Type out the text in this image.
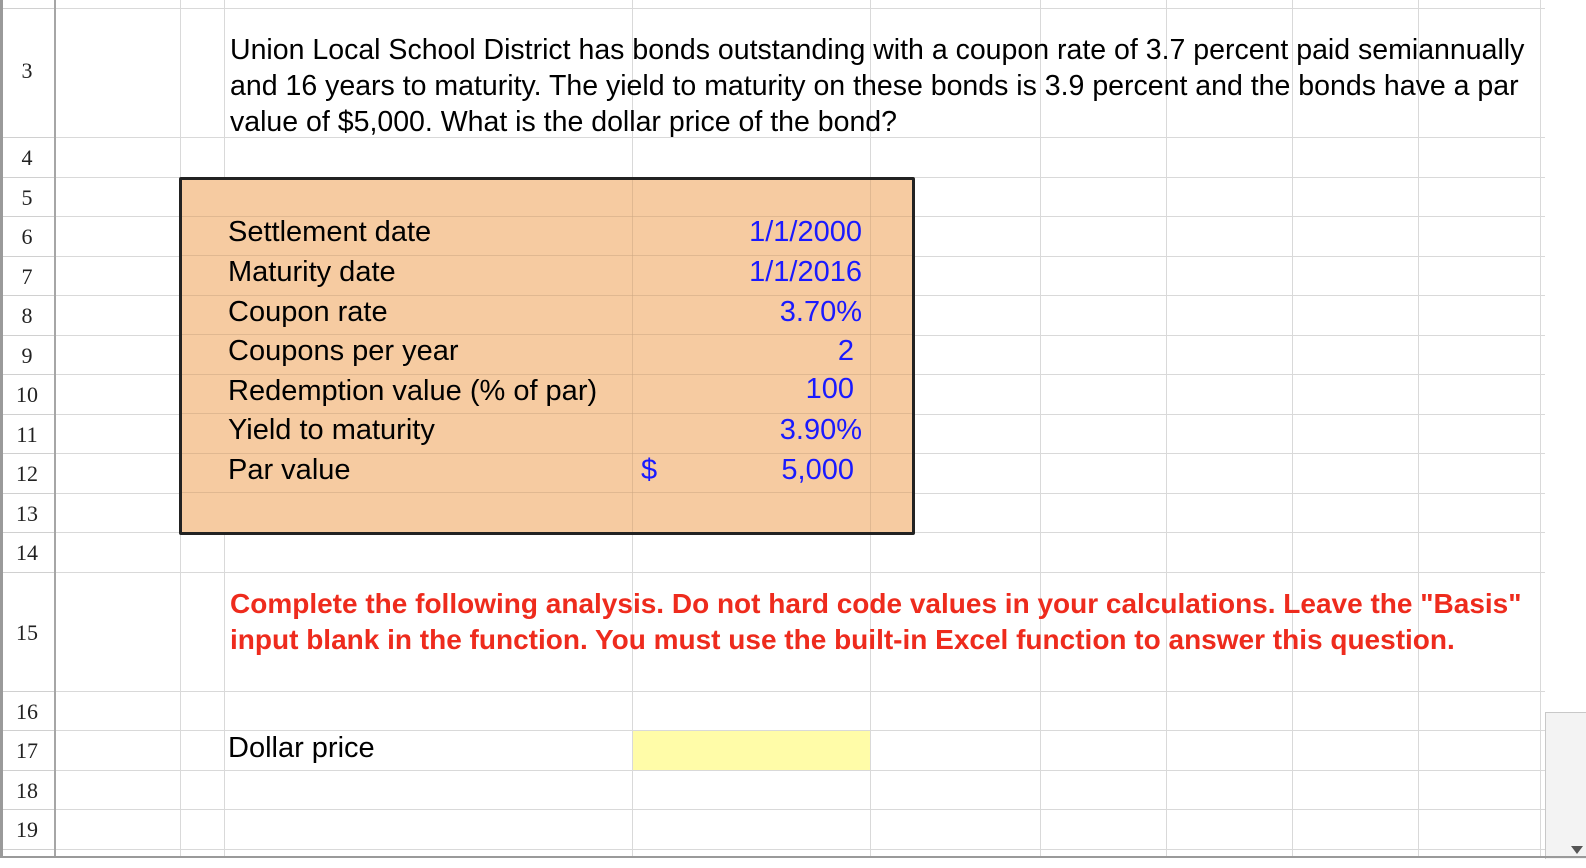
3
4
5
6
7
8
9
10
11
12
13
14
15
16
17
18
19
Union Local School District has bonds outstanding with a coupon rate of 3.7 percent paid semiannually and 16 years to maturity. The yield to maturity on these bonds is 3.9 percent and the bonds have a par value of $5,000. What is the dollar price of the bond?
Settlement date	1/1/2000
Maturity date	1/1/2016
Coupon rate	3.70%
Coupons per year	2
Redemption value (% of par)	100
Yield to maturity	3.90%
Par value	$	5,000
Complete the following analysis. Do not hard code values in your calculations. Leave the "Basis" input blank in the function. You must use the built-in Excel function to answer this question.
Dollar price
